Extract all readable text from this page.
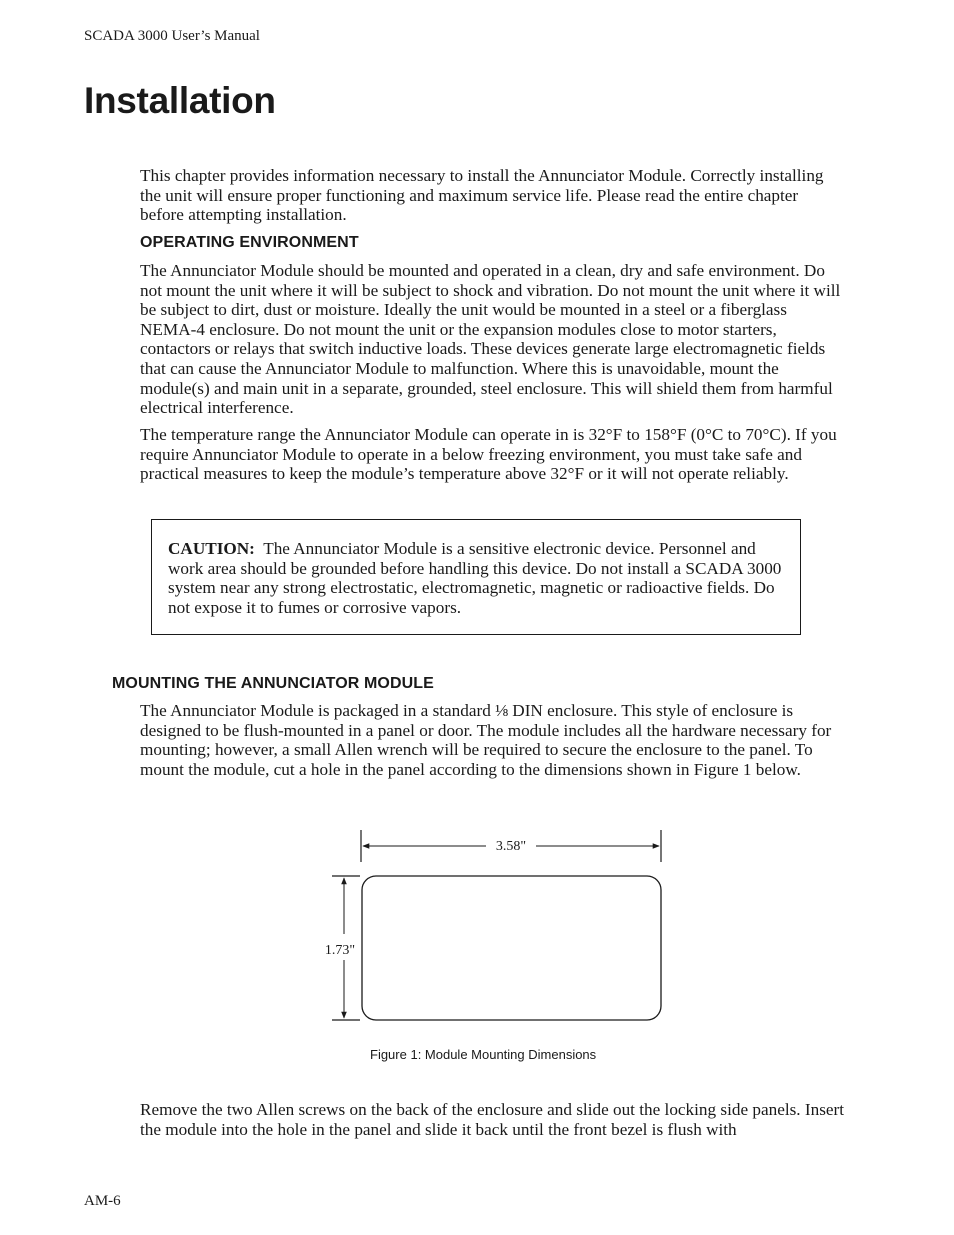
SCADA 3000 User’s Manual
Installation

This chapter provides information necessary to install the Annunciator Module. Correctly installing the unit will ensure proper functioning and maximum service life. Please read the entire chapter before attempting installation.

OPERATING ENVIRONMENT

The Annunciator Module should be mounted and operated in a clean, dry and safe environment. Do not mount the unit where it will be subject to shock and vibration. Do not mount the unit where it will be subject to dirt, dust or moisture. Ideally the unit would be mounted in a steel or a fiberglass NEMA-4 enclosure. Do not mount the unit or the expansion modules close to motor starters, contactors or relays that switch inductive loads. These devices generate large electromagnetic fields that can cause the Annunciator Module to malfunction. Where this is unavoidable, mount the module(s) and main unit in a separate, grounded, steel enclosure. This will shield them from harmful electrical interference.

The temperature range the Annunciator Module can operate in is 32°F to 158°F (0°C to 70°C). If you require Annunciator Module to operate in a below freezing environment, you must take safe and practical measures to keep the module’s temperature above 32°F or it will not operate reliably.

CAUTION: The Annunciator Module is a sensitive electronic device. Personnel and work area should be grounded before handling this device. Do not install a SCADA 3000 system near any strong electrostatic, electromagnetic, magnetic or radioactive fields. Do not expose it to fumes or corrosive vapors.

MOUNTING THE ANNUNCIATOR MODULE

The Annunciator Module is packaged in a standard ⅛ DIN enclosure. This style of enclosure is designed to be flush-mounted in a panel or door. The module includes all the hardware necessary for mounting; however, a small Allen wrench will be required to secure the enclosure to the panel. To mount the module, cut a hole in the panel according to the dimensions shown in Figure 1 below.

3.58"
1.73"
Figure 1: Module Mounting Dimensions

Remove the two Allen screws on the back of the enclosure and slide out the locking side panels. Insert the module into the hole in the panel and slide it back until the front bezel is flush with

AM-6
